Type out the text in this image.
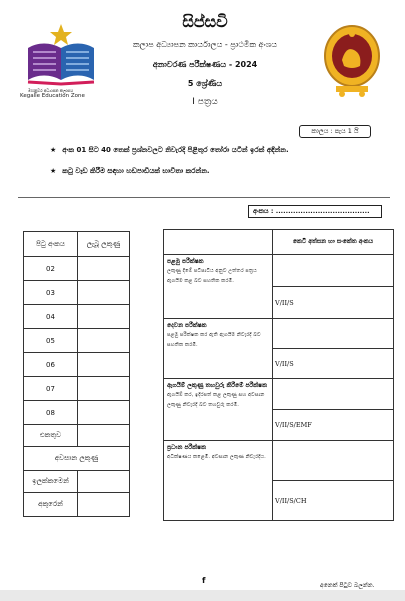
මහනුවර අධ්‍යාපන කලාපය
Kegalle Education Zone
සිප්සවි
කලාප අධ්‍යාපන කාර්යාලය - ප්‍රාථමික අංශය
අනාවරණ පරීක්ෂණය - 2024
5 ශ්‍රේණිය
I පත්‍රය
කාලය : පැය 1 යි
★ අංක 01 සිට 40 තෙක් ප්‍රශ්නවලට නිවැරදි පිළිතුර තෝරා යටින් ඉරක් අඳින්න.
★ කටු වැඩ කිරීම සඳහා හඩපාඩියක් භාවිතා කරන්න.
අංකය : ......................................
පිටු අංකය	ලැබූ ලකුණු
02
03
04
05
06
07
08
එකතුව
අවසාන ලකුණු
ඉලක්කමෙන්
අකුරෙන්
කෙටි අත්සන හා සංකේත අංකය
පළමු පරීක්ෂක
ලකුණු දීමේ පටිපාටිය අනුව උත්තර පත්‍රය ඇගයීම කළ බව සහතික කරමි.
V/II/S
දෙවන පරීක්ෂක
පළමු පරීක්ෂක කර ඇති ඇගයීම නිවැරදි බව සහතික කරමි.
V/II/S
ඇගයීම් ලකුණු තහවුරු කිරීමේ පරීක්ෂක
ඇගයීම් කර, ඉදිරපත් කළ ලකුණු සහ අවසාන ලකුණු නිවැරදි බව තහවුරු කරමි.
V/II/S/EMF
ප්‍රධාන පරීක්ෂක
අධීක්ෂණය කළෙමි. අවසාන ලකුණ නිවැරදිය.
V/II/S/CH
f
අනෙක් පිටුව බලන්න.
